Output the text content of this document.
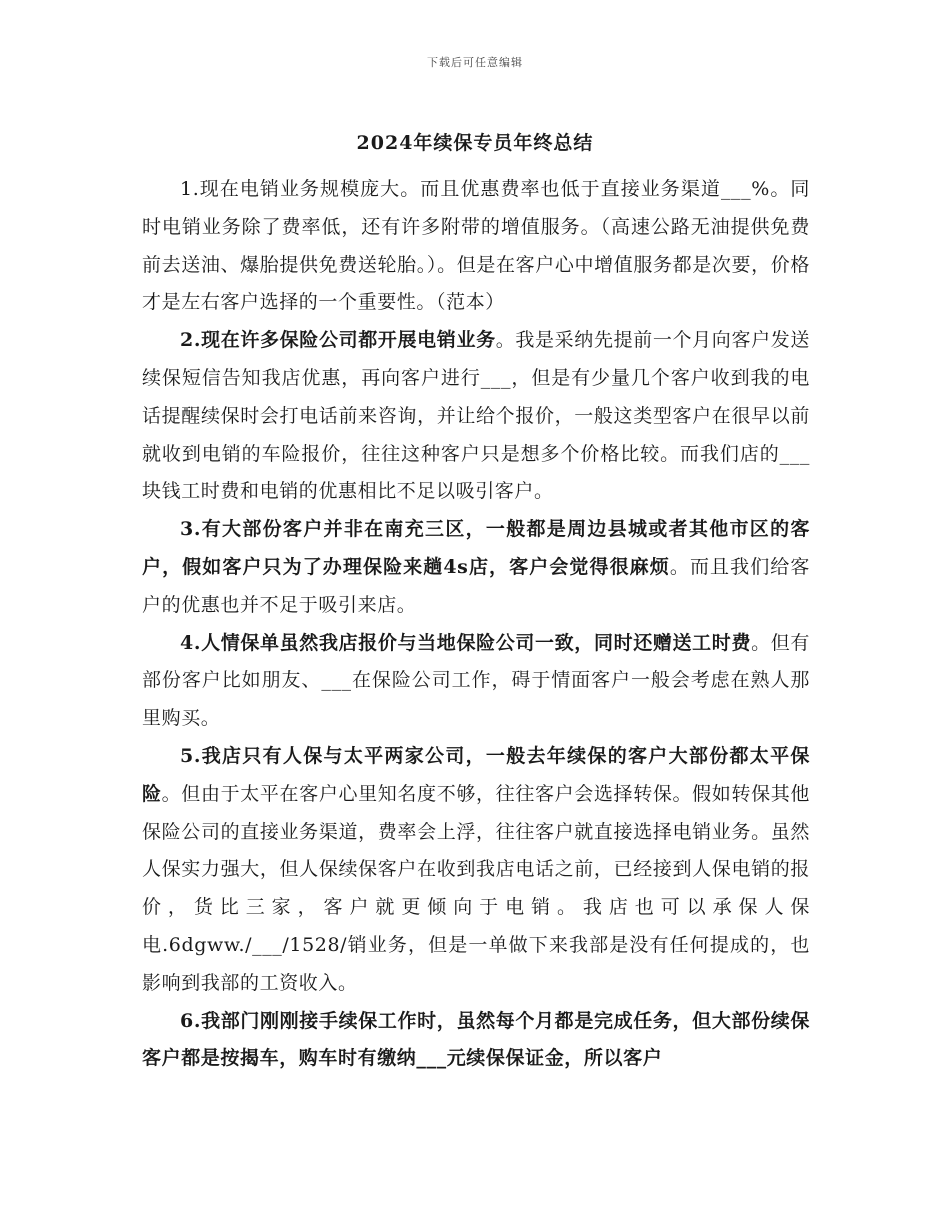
下载后可任意编辑
2024年续保专员年终总结

1.现在电销业务规模庞大。而且优惠费率也低于直接业务渠道___%。同时电销业务除了费率低，还有许多附带的增值服务。（高速公路无油提供免费前去送油、爆胎提供免费送轮胎。）。但是在客户心中增值服务都是次要，价格才是左右客户选择的一个重要性。（范本）

2.现在许多保险公司都开展电销业务。我是采纳先提前一个月向客户发送续保短信告知我店优惠，再向客户进行___，但是有少量几个客户收到我的电话提醒续保时会打电话前来咨询，并让给个报价，一般这类型客户在很早以前就收到电销的车险报价，往往这种客户只是想多个价格比较。而我们店的___块钱工时费和电销的优惠相比不足以吸引客户。

3.有大部份客户并非在南充三区，一般都是周边县城或者其他市区的客户，假如客户只为了办理保险来趟4s店，客户会觉得很麻烦。而且我们给客户的优惠也并不足于吸引来店。

4.人情保单虽然我店报价与当地保险公司一致，同时还赠送工时费。但有部份客户比如朋友、___在保险公司工作，碍于情面客户一般会考虑在熟人那里购买。

5.我店只有人保与太平两家公司，一般去年续保的客户大部份都太平保险。但由于太平在客户心里知名度不够，往往客户会选择转保。假如转保其他保险公司的直接业务渠道，费率会上浮，往往客户就直接选择电销业务。虽然人保实力强大，但人保续保客户在收到我店电话之前，已经接到人保电销的报价，货比三家，客户就更倾向于电销。我店也可以承保人保电.6dgww./___/1528/销业务，但是一单做下来我部是没有任何提成的，也影响到我部的工资收入。

6.我部门刚刚接手续保工作时，虽然每个月都是完成任务，但大部份续保客户都是按揭车，购车时有缴纳___元续保保证金，所以客户
